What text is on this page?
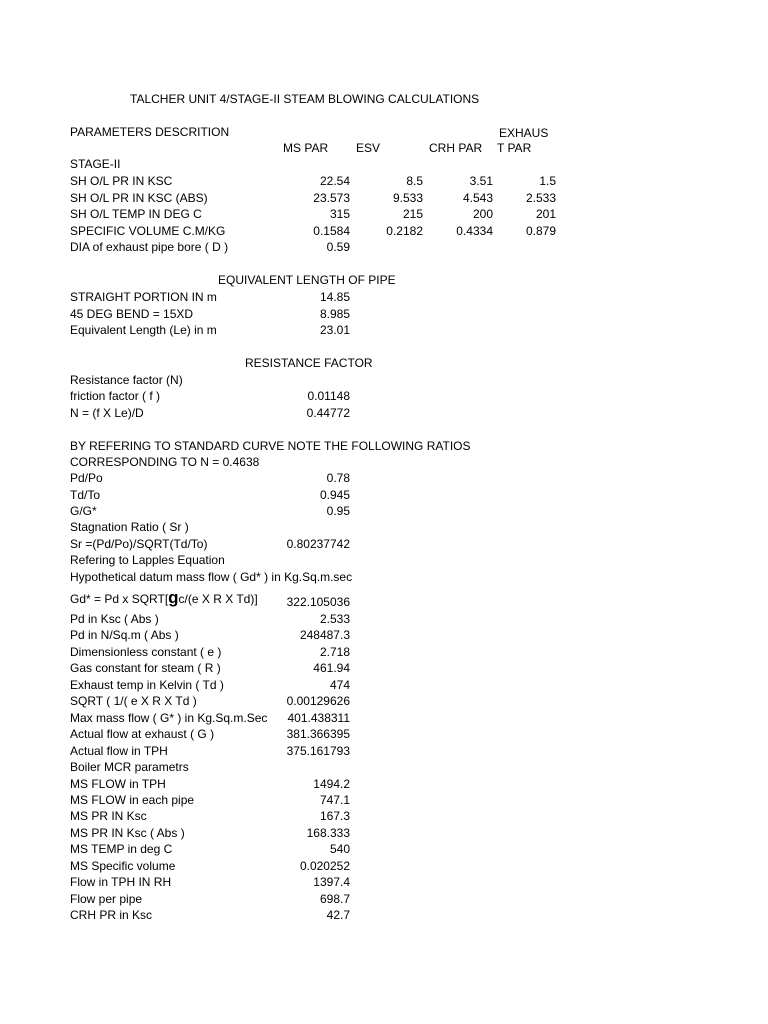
TALCHER UNIT 4/STAGE-II STEAM BLOWING CALCULATIONS
PARAMETERS DESCRITION	EXHAUS
MS PAR ESV	CRH PAR T PAR
STAGE-II
SH O/L PR IN KSC	22.54	8.5	3.51	1.5
SH O/L PR IN KSC (ABS)	23.573	9.533	4.543	2.533
SH O/L TEMP IN DEG C	315	215	200	201
SPECIFIC VOLUME C.M/KG	0.1584	0.2182	0.4334	0.879
DIA of exhaust pipe bore ( D )	0.59
EQUIVALENT LENGTH OF PIPE
STRAIGHT PORTION IN m	14.85
45 DEG BEND = 15XD	8.985
Equivalent Length (Le) in m	23.01
RESISTANCE FACTOR
Resistance factor (N)
friction factor ( f )	0.01148
N = (f X Le)/D	0.44772
BY REFERING TO STANDARD CURVE NOTE THE FOLLOWING RATIOS
CORRESPONDING TO N = 0.4638
Pd/Po	0.78
Td/To	0.945
G/G*	0.95
Stagnation Ratio ( Sr )
Sr =(Pd/Po)/SQRT(Td/To)	0.80237742
Refering to Lapples Equation
Hypothetical datum mass flow ( Gd* ) in Kg.Sq.m.sec
Gd* = Pd x SQRT[gc/(e X R X Td)] 322.105036
Pd in Ksc ( Abs )	2.533
Pd in N/Sq.m ( Abs )	248487.3
Dimensionless constant ( e )	2.718
Gas constant for steam ( R )	461.94
Exhaust temp in Kelvin ( Td )	474
SQRT ( 1/( e X R X Td )	0.00129626
Max mass flow ( G* ) in Kg.Sq.m.Sec 401.438311
Actual flow at exhaust ( G )	381.366395
Actual flow in TPH	375.161793
Boiler MCR parametrs
MS FLOW in TPH	1494.2
MS FLOW in each pipe	747.1
MS PR IN Ksc	167.3
MS PR IN Ksc ( Abs )	168.333
MS TEMP in deg C	540
MS Specific volume	0.020252
Flow in TPH IN RH	1397.4
Flow per pipe	698.7
CRH PR in Ksc	42.7
